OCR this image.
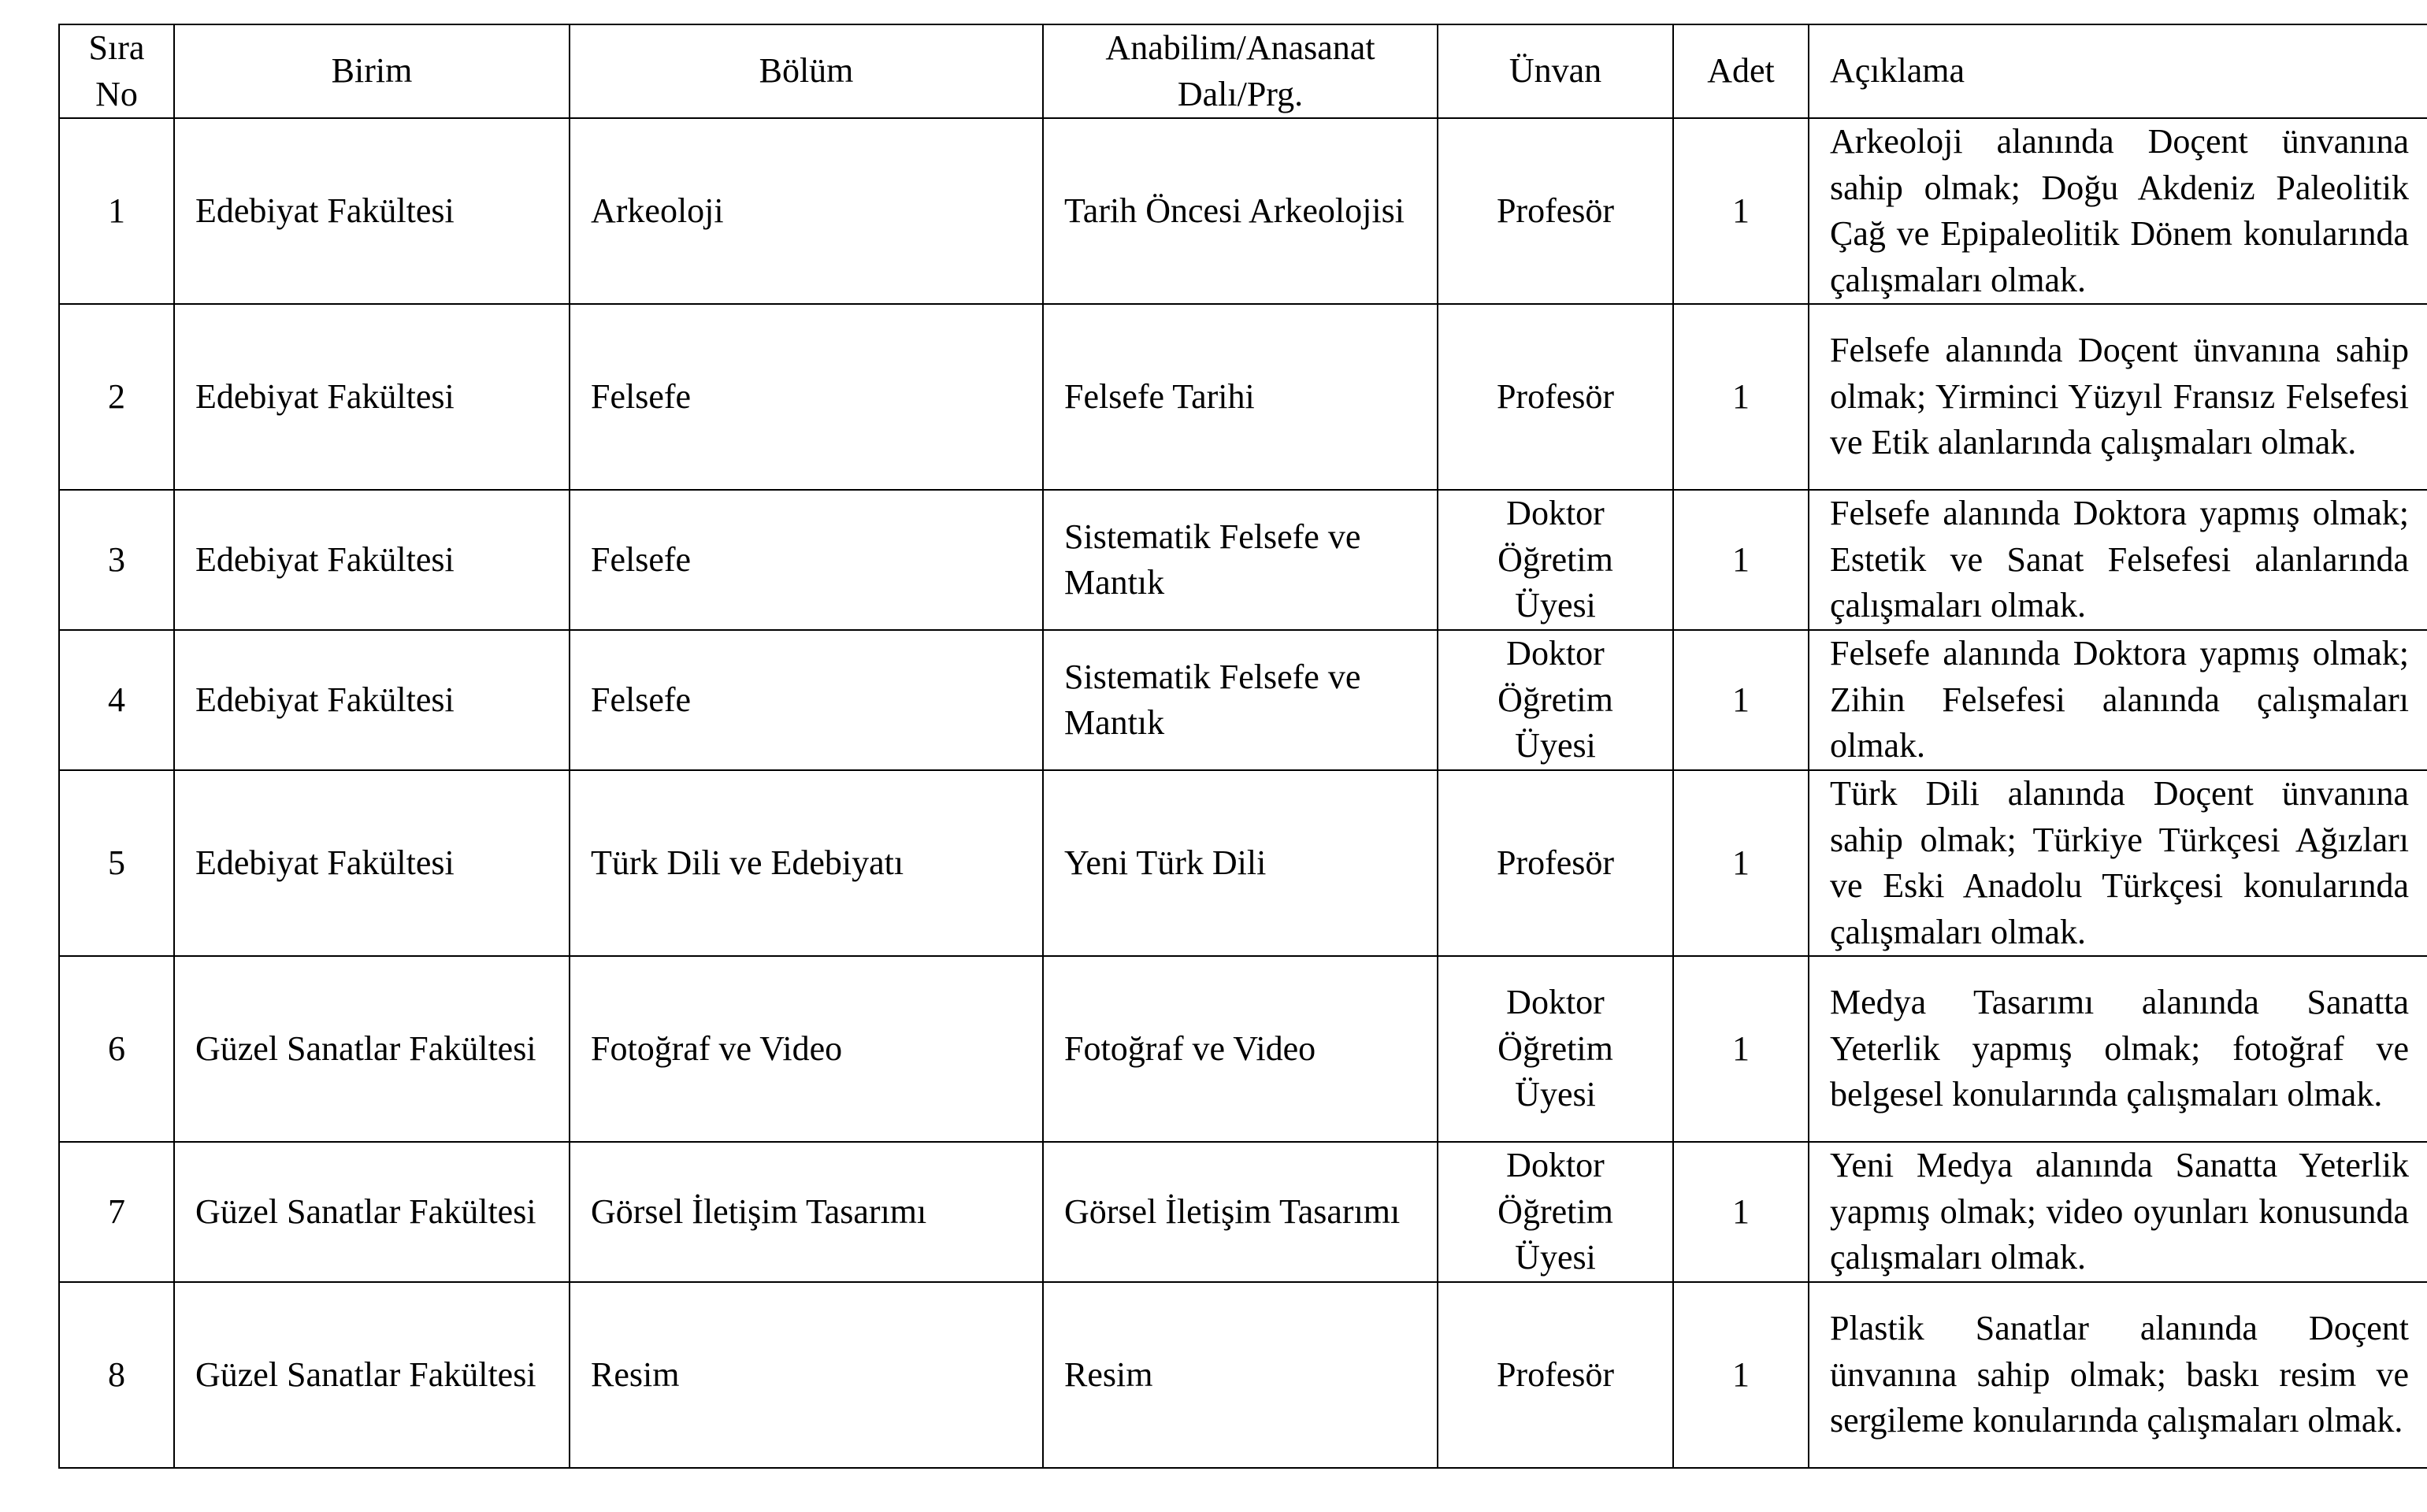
Sıra No	Birim	Bölüm	Anabilim/Anasanat Dalı/Prg.	Ünvan	Adet	Açıklama
1	Edebiyat Fakültesi	Arkeoloji	Tarih Öncesi Arkeolojisi	Profesör	1	Arkeoloji alanında Doçent ünvanına sahip olmak; Doğu Akdeniz Paleolitik Çağ ve Epipaleolitik Dönem konularında çalışmaları olmak.
2	Edebiyat Fakültesi	Felsefe	Felsefe Tarihi	Profesör	1	Felsefe alanında Doçent ünvanına sahip olmak; Yirminci Yüzyıl Fransız Felsefesi ve Etik alanlarında çalışmaları olmak.
3	Edebiyat Fakültesi	Felsefe	Sistematik Felsefe ve Mantık	Doktor Öğretim Üyesi	1	Felsefe alanında Doktora yapmış olmak; Estetik ve Sanat Felsefesi alanlarında çalışmaları olmak.
4	Edebiyat Fakültesi	Felsefe	Sistematik Felsefe ve Mantık	Doktor Öğretim Üyesi	1	Felsefe alanında Doktora yapmış olmak; Zihin Felsefesi alanında çalışmaları olmak.
5	Edebiyat Fakültesi	Türk Dili ve Edebiyatı	Yeni Türk Dili	Profesör	1	Türk Dili alanında Doçent ünvanına sahip olmak; Türkiye Türkçesi Ağızları ve Eski Anadolu Türkçesi konularında çalışmaları olmak.
6	Güzel Sanatlar Fakültesi	Fotoğraf ve Video	Fotoğraf ve Video	Doktor Öğretim Üyesi	1	Medya Tasarımı alanında Sanatta Yeterlik yapmış olmak; fotoğraf ve belgesel konularında çalışmaları olmak.
7	Güzel Sanatlar Fakültesi	Görsel İletişim Tasarımı	Görsel İletişim Tasarımı	Doktor Öğretim Üyesi	1	Yeni Medya alanında Sanatta Yeterlik yapmış olmak; video oyunları konusunda çalışmaları olmak.
8	Güzel Sanatlar Fakültesi	Resim	Resim	Profesör	1	Plastik Sanatlar alanında Doçent ünvanına sahip olmak; baskı resim ve sergileme konularında çalışmaları olmak.
